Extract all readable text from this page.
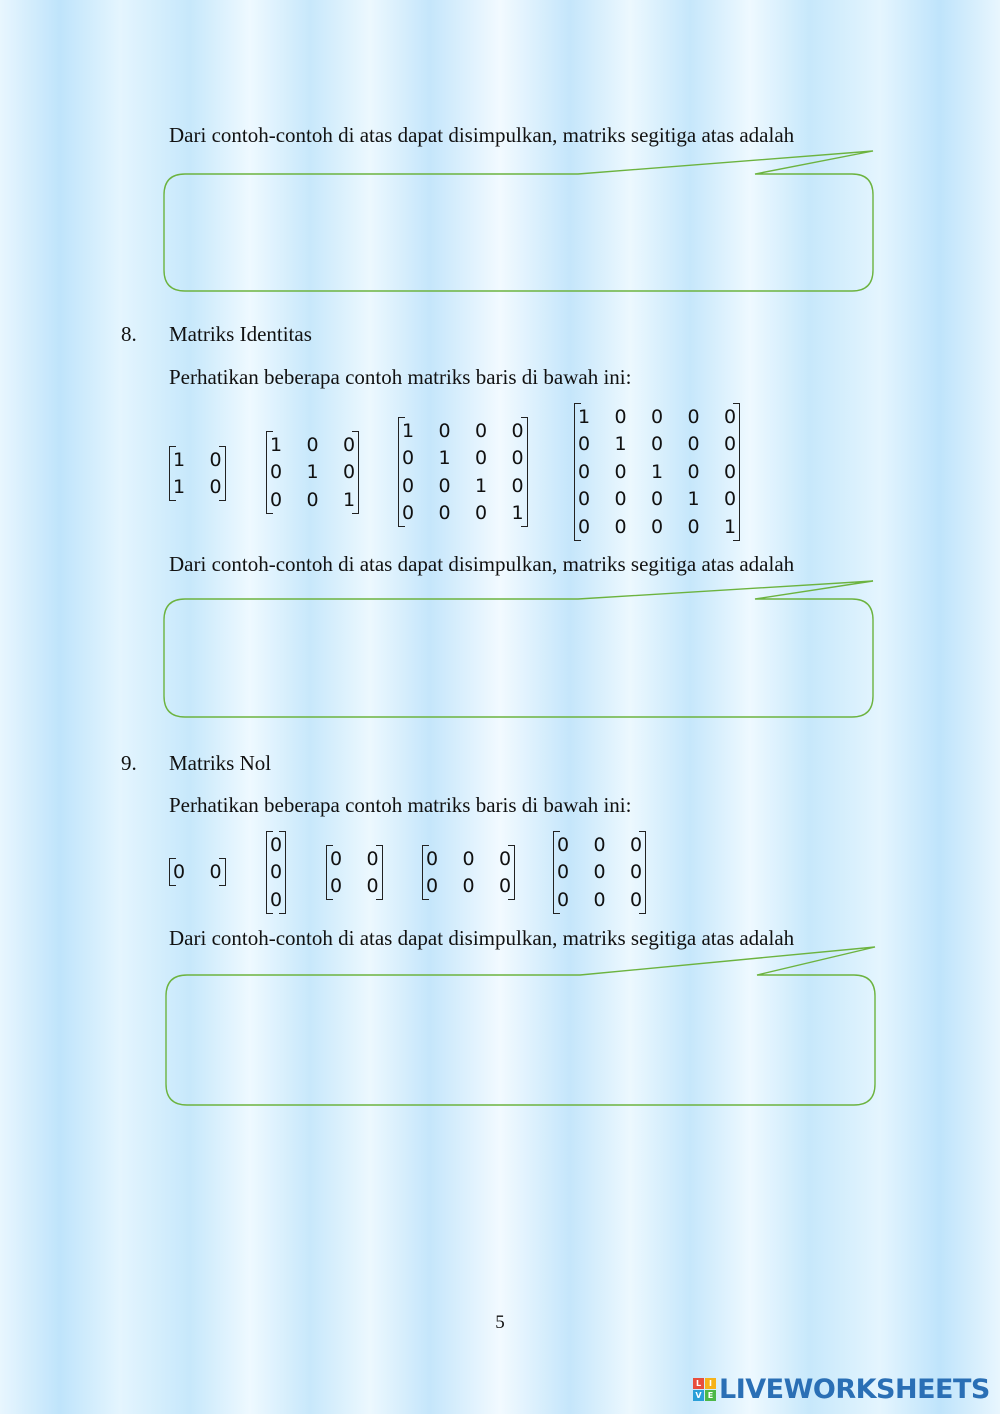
Dari contoh-contoh di atas dapat disimpulkan, matriks segitiga atas adalah
8. Matriks Identitas
Perhatikan beberapa contoh matriks baris di bawah ini:
1	0
1	0
1	0	0
0	1	0
0	0	1
1	0	0	0
0	1	0	0
0	0	1	0
0	0	0	1
1	0	0	0	0
0	1	0	0	0
0	0	1	0	0
0	0	0	1	0
0	0	0	0	1
Dari contoh-contoh di atas dapat disimpulkan, matriks segitiga atas adalah
9. Matriks Nol
Perhatikan beberapa contoh matriks baris di bawah ini:
0	0
0
0
0
0	0
0	0
0	0	0
0	0	0
0	0	0
0	0	0
0	0	0
Dari contoh-contoh di atas dapat disimpulkan, matriks segitiga atas adalah
5
L I
V E LIVEWORKSHEETS
